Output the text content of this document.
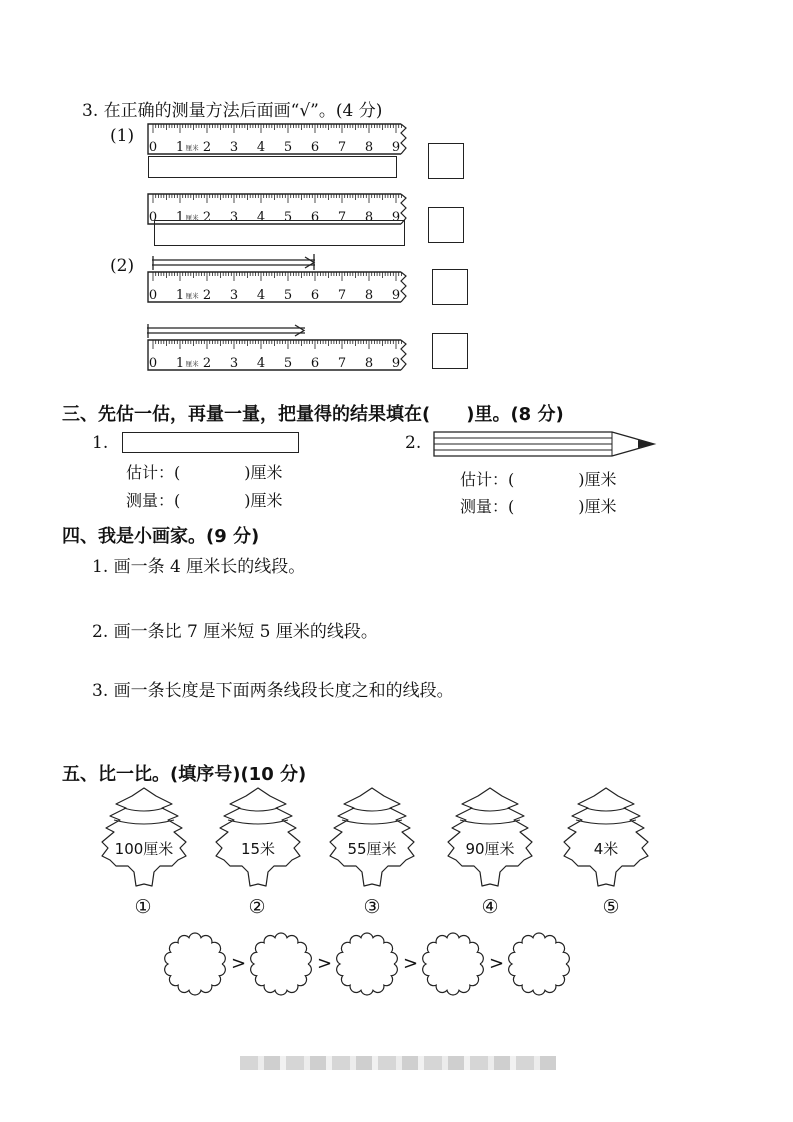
3. 在正确的测量方法后面画“√”。(4 分)
(1)
(2)
0 1 2 3 4 5 6 7 8 9
厘米
0 1 2 3 4 5 6 7 8 9
厘米
0 1 2 3 4 5 6 7 8 9
厘米
0 1 2 3 4 5 6 7 8 9
厘米
三、先估一估，再量一量，把量得的结果填在(　　)里。(8 分)
1.
估计：(　　　　)厘米
测量：(　　　　)厘米
2.
估计：(　　　　)厘米
测量：(　　　　)厘米
四、我是小画家。(9 分)
1. 画一条 4 厘米长的线段。
2. 画一条比 7 厘米短 5 厘米的线段。
3. 画一条长度是下面两条线段长度之和的线段。
五、比一比。(填序号)(10 分)
100厘米	15米	55厘米	90厘米	4米
①	②	③	④	⑤
>	>	>	>
